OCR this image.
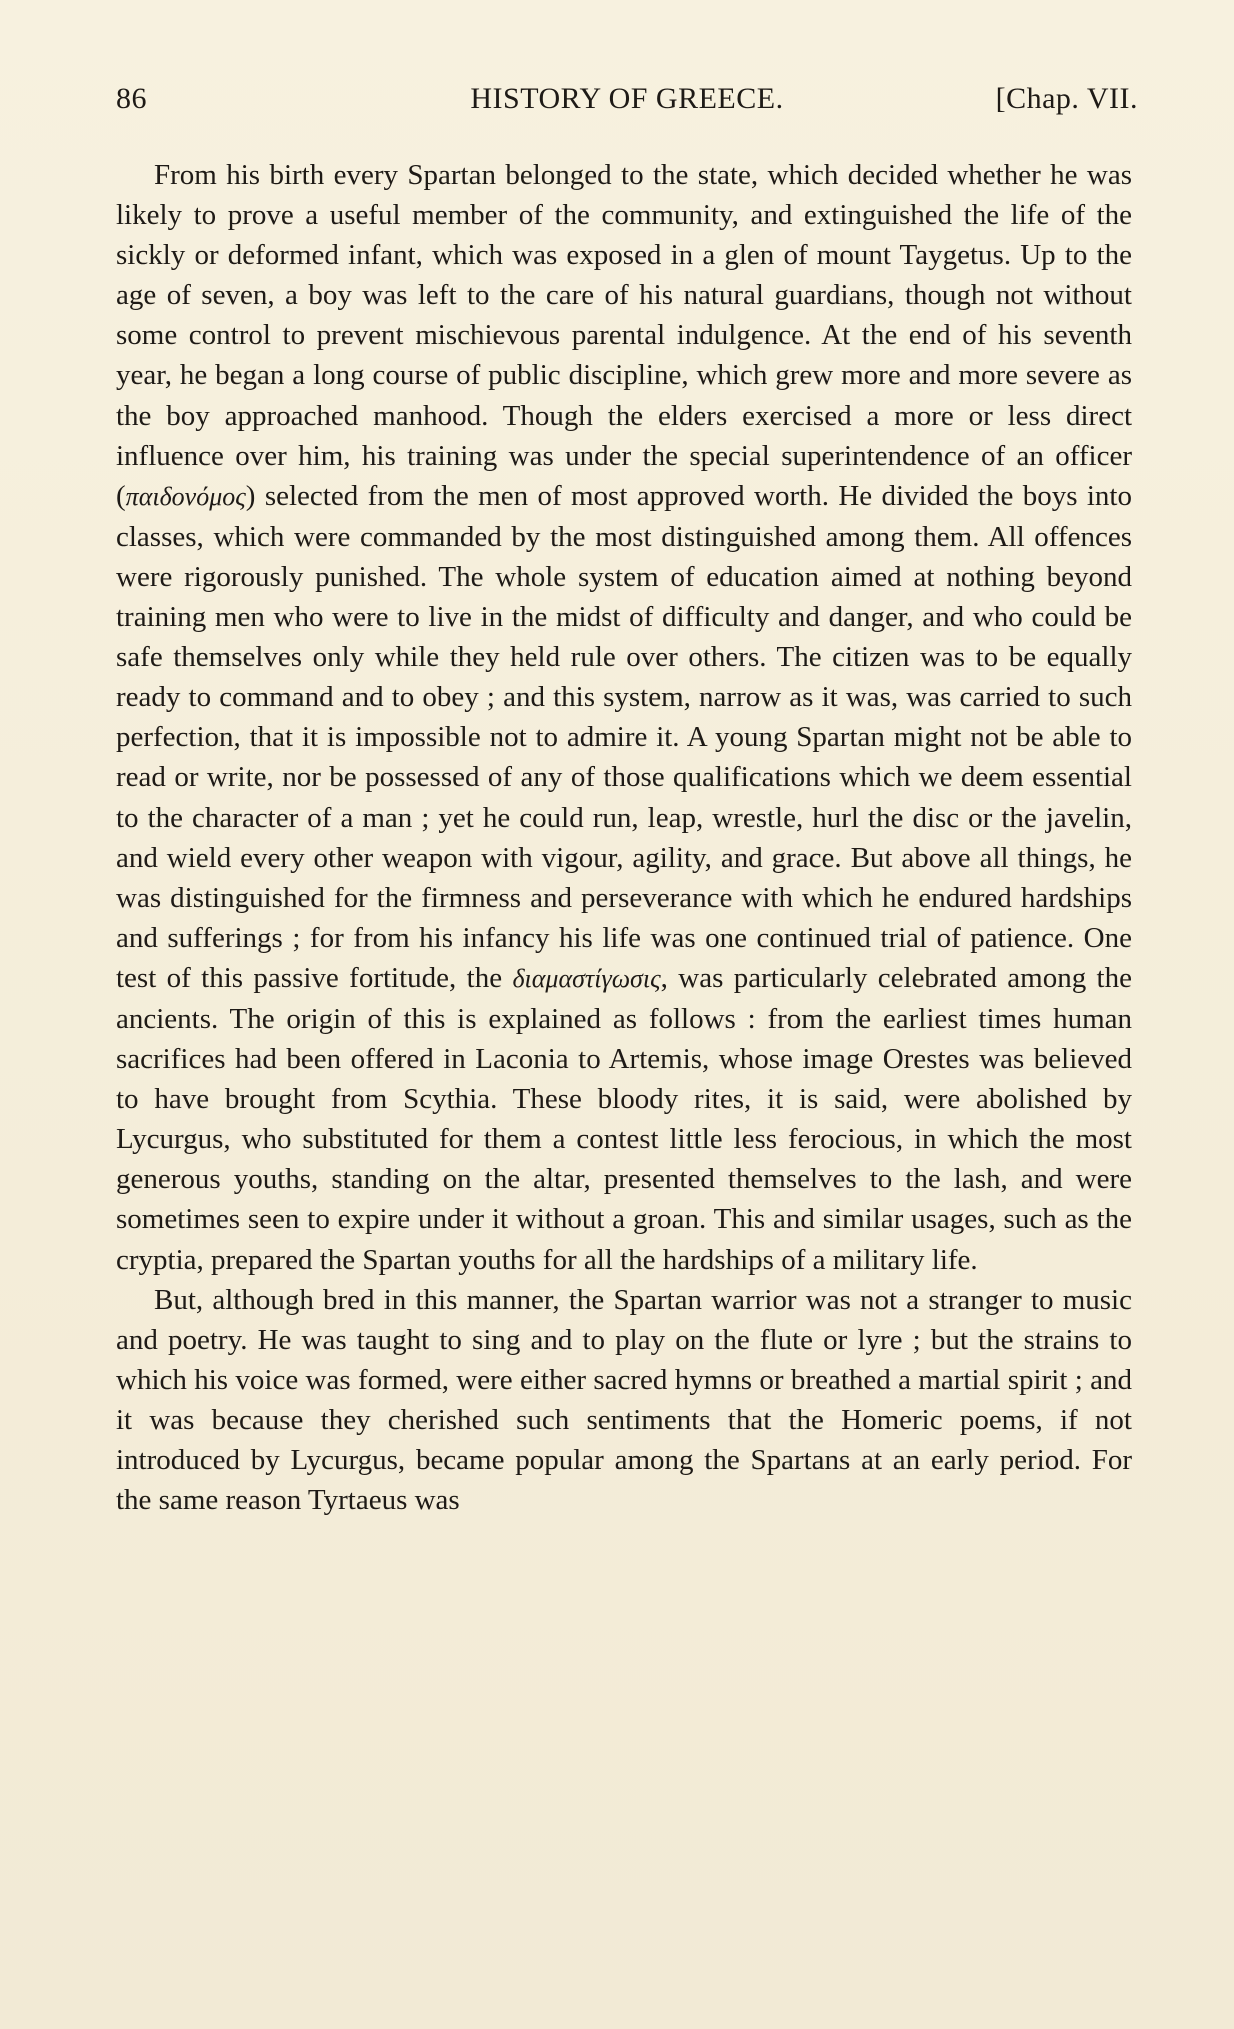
86	HISTORY OF GREECE.	[Chap. VII.

From his birth every Spartan belonged to the state, which decided whether he was likely to prove a useful member of the community, and extinguished the life of the sickly or deformed infant, which was exposed in a glen of mount Taygetus. Up to the age of seven, a boy was left to the care of his natural guardians, though not without some control to prevent mischievous parental indulgence. At the end of his seventh year, he began a long course of public discipline, which grew more and more severe as the boy approached manhood. Though the elders exercised a more or less direct influence over him, his training was under the special superintendence of an officer (παιδονόμος) selected from the men of most approved worth. He divided the boys into classes, which were commanded by the most distinguished among them. All offences were rigorously punished. The whole system of education aimed at nothing beyond training men who were to live in the midst of difficulty and danger, and who could be safe themselves only while they held rule over others. The citizen was to be equally ready to command and to obey ; and this system, narrow as it was, was carried to such perfection, that it is impossible not to admire it. A young Spartan might not be able to read or write, nor be possessed of any of those qualifications which we deem essential to the character of a man ; yet he could run, leap, wrestle, hurl the disc or the javelin, and wield every other weapon with vigour, agility, and grace. But above all things, he was distinguished for the firmness and perseverance with which he endured hardships and sufferings ; for from his infancy his life was one continued trial of patience. One test of this passive fortitude, the διαμαστίγωσις, was particularly celebrated among the ancients. The origin of this is explained as follows : from the earliest times human sacrifices had been offered in Laconia to Artemis, whose image Orestes was believed to have brought from Scythia. These bloody rites, it is said, were abolished by Lycurgus, who substituted for them a contest little less ferocious, in which the most generous youths, standing on the altar, presented themselves to the lash, and were sometimes seen to expire under it without a groan. This and similar usages, such as the cryptia, prepared the Spartan youths for all the hardships of a military life.

But, although bred in this manner, the Spartan warrior was not a stranger to music and poetry. He was taught to sing and to play on the flute or lyre ; but the strains to which his voice was formed, were either sacred hymns or breathed a martial spirit ; and it was because they cherished such sentiments that the Homeric poems, if not introduced by Lycurgus, became popular among the Spartans at an early period. For the same reason Tyrtaeus was
